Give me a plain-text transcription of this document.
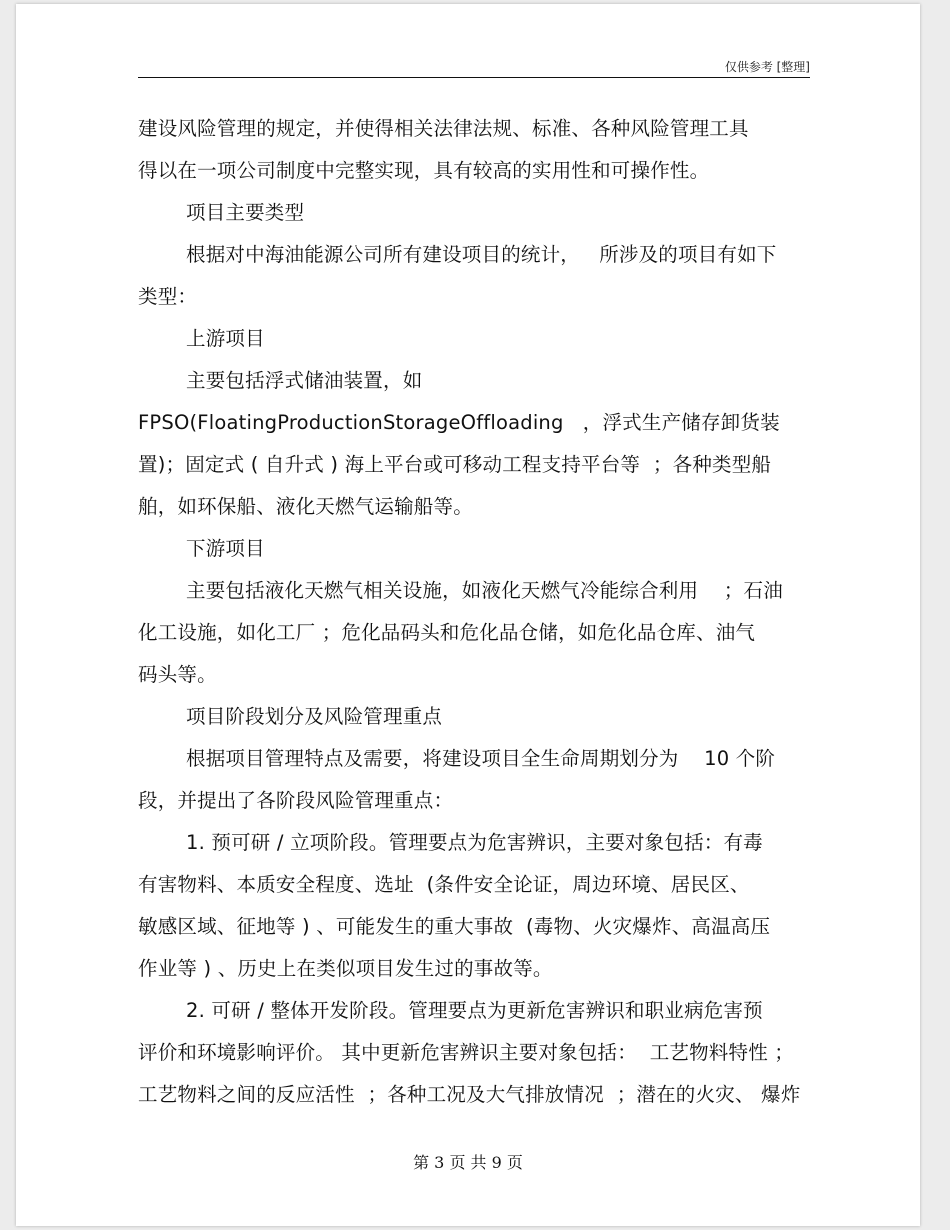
仅供参考 [整理]
建设风险管理的规定，并使得相关法律法规、标准、各种风险管理工具
得以在一项公司制度中完整实现，具有较高的实用性和可操作性。
项目主要类型
根据对中海油能源公司所有建设项目的统计，   所涉及的项目有如下
类型：
上游项目
主要包括浮式储油装置，如
FPSO(FloatingProductionStorageOffloading   ，浮式生产储存卸货装
置)；固定式 ( 自升式 ) 海上平台或可移动工程支持平台等  ；各种类型船
舶，如环保船、液化天燃气运输船等。
下游项目
主要包括液化天燃气相关设施，如液化天燃气冷能综合利用    ；石油
化工设施，如化工厂 ；危化品码头和危化品仓储，如危化品仓库、油气
码头等。
项目阶段划分及风险管理重点
根据项目管理特点及需要，将建设项目全生命周期划分为    10 个阶
段，并提出了各阶段风险管理重点：
1. 预可研 / 立项阶段。管理要点为危害辨识，主要对象包括：有毒
有害物料、本质安全程度、选址  (条件安全论证，周边环境、居民区、
敏感区域、征地等 ) 、可能发生的重大事故  (毒物、火灾爆炸、高温高压
作业等 ) 、历史上在类似项目发生过的事故等。
2. 可研 / 整体开发阶段。管理要点为更新危害辨识和职业病危害预
评价和环境影响评价。 其中更新危害辨识主要对象包括：  工艺物料特性 ；
工艺物料之间的反应活性  ；各种工况及大气排放情况  ；潜在的火灾、 爆炸
第 3 页 共 9 页
